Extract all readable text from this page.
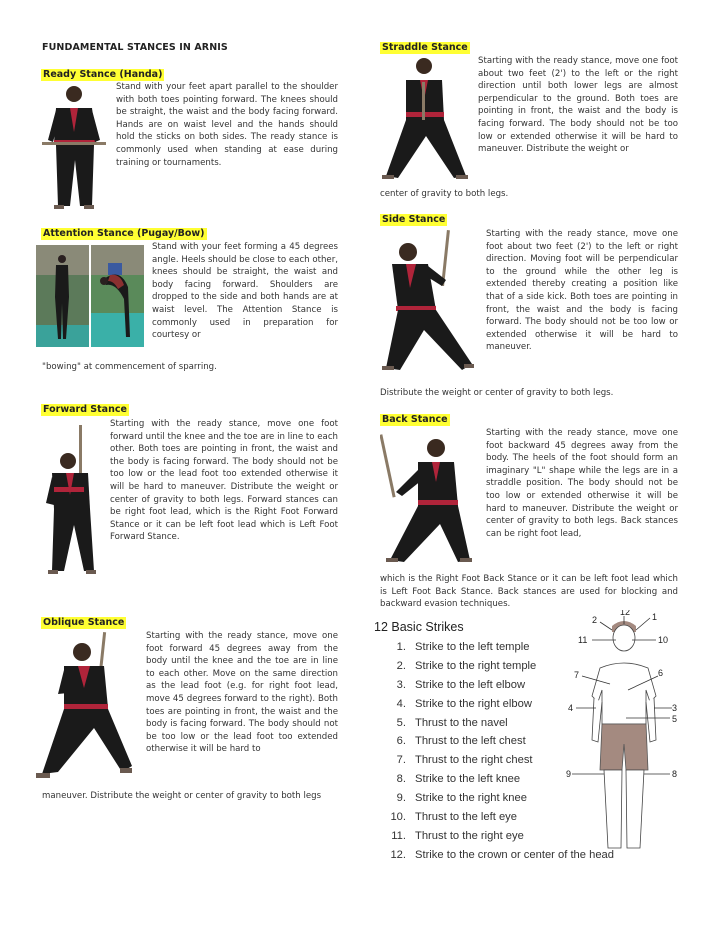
FUNDAMENTAL STANCES IN ARNIS
Ready Stance (Handa)
Stand with your feet apart parallel to the shoulder with both toes pointing forward. The knees should be straight, the waist and the body facing forward. Hands are on waist level and the hands should hold the sticks on both sides. The ready stance is commonly used when standing at ease during training or tournaments.
Attention Stance (Pugay/Bow)
Stand with your feet forming a 45 degrees angle. Heels should be close to each other, knees should be straight, the waist and body facing forward. Shoulders are dropped to the side and both hands are at waist level. The Attention Stance is commonly used in preparation for courtesy or
"bowing" at commencement of sparring.
Forward Stance
Starting with the ready stance, move one foot forward until the knee and the toe are in line to each other. Both toes are pointing in front, the waist and the body is facing forward. The body should not be too low or the lead foot too extended otherwise it will be hard to maneuver. Distribute the weight or center of gravity to both legs. Forward stances can be right foot lead, which is the Right Foot Forward Stance or it can be left foot lead which is Left Foot Forward Stance.
Oblique Stance
Starting with the ready stance, move one foot forward 45 degrees away from the body until the knee and the toe are in line to each other. Move on the same direction as the lead foot (e.g. for right foot lead, move 45 degrees forward to the right). Both toes are pointing in front, the waist and the body is facing forward. The body should not be too low or the lead foot too extended otherwise it will be hard to
maneuver. Distribute the weight or center of gravity to both legs
Straddle Stance
Starting with the ready stance, move one foot about two feet (2') to the left or the right direction until both lower legs are almost perpendicular to the ground. Both toes are pointing in front, the waist and the body is facing forward. The body should not be too low or extended otherwise it will be hard to maneuver. Distribute the weight or
center of gravity to both legs.
Side Stance
Starting with the ready stance, move one foot about two feet (2') to the left or right direction. Moving foot will be perpendicular to the ground while the other leg is extended thereby creating a position like that of a side kick. Both toes are pointing in front, the waist and the body is facing forward. The body should not be too low or extended otherwise it will be hard to maneuver.
Distribute the weight or center of gravity to both legs.
Back Stance
Starting with the ready stance, move one foot backward 45 degrees away from the body. The heels of the foot should form an imaginary "L" shape while the legs are in a straddle position. The body should not be too low or extended otherwise it will be hard to maneuver. Distribute the weight or center of gravity to both legs. Back stances can be right foot lead,
which is the Right Foot Back Stance or it can be left foot lead which is Left Foot Back Stance. Back stances are used for blocking and backward evasion techniques.
12 Basic Strikes
1. Strike to the left temple
2. Strike to the right temple
3. Strike to the left elbow
4. Strike to the right elbow
5. Thrust to the navel
6. Thrust to the left chest
7. Thrust to the right chest
8. Strike to the left knee
9. Strike to the right knee
10. Thrust to the left eye
11. Thrust to the right eye
12. Strike to the crown or center of the head
12
2	1
11	10
7	6
4	3
5
9	8
